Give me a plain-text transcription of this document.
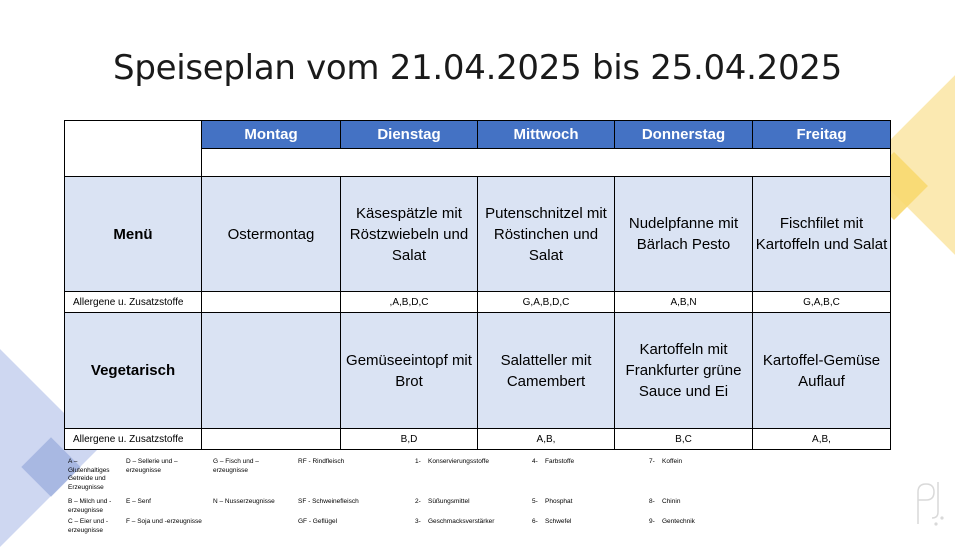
Speiseplan vom 21.04.2025 bis 25.04.2025
	Montag	Dienstag	Mittwoch	Donnerstag	Freitag

Menü	Ostermontag	Käsespätzle mit Röstzwiebeln und Salat	Putenschnitzel mit Röstinchen und Salat	Nudelpfanne mit Bärlach Pesto	Fischfilet mit Kartoffeln und Salat
Allergene u. Zusatzstoffe		,A,B,D,C	G,A,B,D,C	A,B,N	G,A,B,C
Vegetarisch		Gemüseeintopf mit Brot	Salatteller mit Camembert	Kartoffeln mit Frankfurter grüne Sauce und Ei	Kartoffel-Gemüse Auflauf
Allergene u. Zusatzstoffe		B,D	A,B,	B,C	A,B,
A – Glutenhaltiges Getreide und Erzeugnisse
B – Milch und -erzeugnisse
C – Eier und -erzeugnisse
D – Sellerie und –erzeugnisse
E – Senf
F – Soja und -erzeugnisse
G – Fisch und –erzeugnisse
N – Nusserzeugnisse
RF - Rindfleisch
SF - Schweinefleisch
GF - Geflügel
1-    Konservierungsstoffe
2-    Süßungsmittel
3-    Geschmacksverstärker
4-    Farbstoffe
5-    Phosphat
6-    Schwefel
7-    Koffein
8-    Chinin
9-    Gentechnik
